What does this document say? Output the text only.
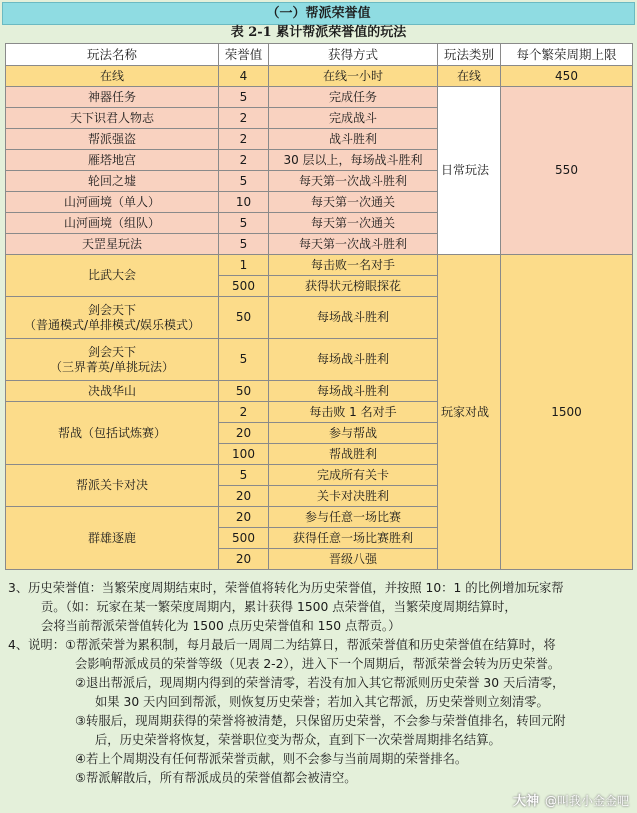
（一）帮派荣誉值
表 2-1 累计帮派荣誉值的玩法
玩法名称	荣誉值	获得方式	玩法类别	每个繁荣周期上限
在线	4	在线一小时	在线	450
神器任务	5	完成任务	日常玩法	550
天下识君人物志	2	完成战斗		
帮派强盗	2	战斗胜利		
雁塔地宫	2	30 层以上，每场战斗胜利		
轮回之墟	5	每天第一次战斗胜利		
山河画境（单人）	10	每天第一次通关		
山河画境（组队）	5	每天第一次通关		
天罡星玩法	5	每天第一次战斗胜利		
比武大会	1	每击败一名对手	玩家对战	1500
	500	获得状元榜眼探花		

剑会天下
（普通模式/单排模式/娱乐模式）	50	每场战斗胜利		

剑会天下
（三界菁英/单挑玩法）	5	每场战斗胜利		
决战华山	50	每场战斗胜利		
帮战（包括试炼赛）	2	每击败 1 名对手		
	20	参与帮战		
	100	帮战胜利		
帮派关卡对决	5	完成所有关卡		
	20	关卡对决胜利		
群雄逐鹿	20	参与任意一场比赛		
	500	获得任意一场比赛胜利		
	20	晋级八强		

3、历史荣誉值：当繁荣度周期结束时，荣誉值将转化为历史荣誉值，并按照 10：1 的比例增加玩家帮

贡。（如：玩家在某一繁荣度周期内，累计获得 1500 点荣誉值，当繁荣度周期结算时，

会将当前帮派荣誉值转化为 1500 点历史荣誉值和 150 点帮贡。）

4、说明：①帮派荣誉为累积制，每月最后一周周二为结算日，帮派荣誉值和历史荣誉值在结算时，将

会影响帮派成员的荣誉等级（见表 2-2），进入下一个周期后，帮派荣誉会转为历史荣誉。

②退出帮派后，现周期内得到的荣誉清零，若没有加入其它帮派则历史荣誉 30 天后清零，

如果 30 天内回到帮派，则恢复历史荣誉；若加入其它帮派，历史荣誉则立刻清零。

③转服后，现周期获得的荣誉将被清楚，只保留历史荣誉，不会参与荣誉值排名，转回元附

后，历史荣誉将恢复，荣誉职位变为帮众，直到下一次荣誉周期排名结算。

④若上个周期没有任何帮派荣誉贡献，则不会参与当前周期的荣誉排名。

⑤帮派解散后，所有帮派成员的荣誉值都会被清空。

大神 @叫我小金金吧
